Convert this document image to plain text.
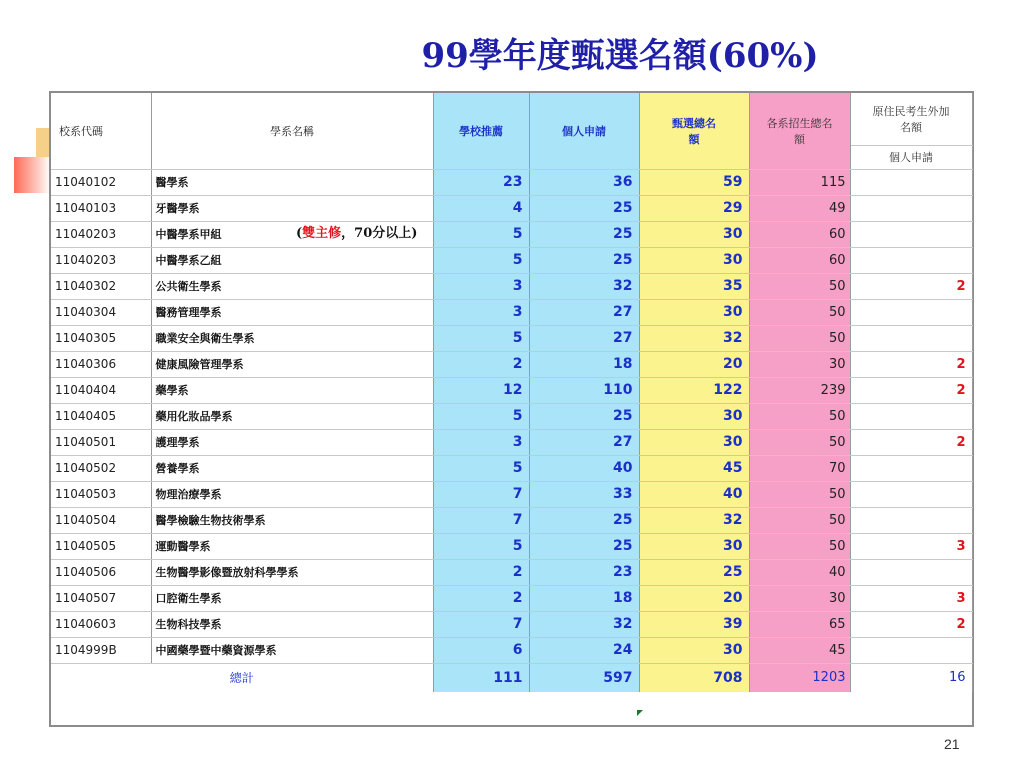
99學年度甄選名額(60%)
校系代碼	學系名稱	學校推薦	個人申請	甄選總名額	各系招生總名額	原住民考生外加名額
						個人申請
11040102	醫學系	23	36	59	115	
11040103	牙醫學系	4	25	29	49	
11040203	中醫學系甲組	5	25	30	60	
11040203	中醫學系乙組	5	25	30	60	
11040302	公共衛生學系	3	32	35	50	2
11040304	醫務管理學系	3	27	30	50	
11040305	職業安全與衛生學系	5	27	32	50	
11040306	健康風險管理學系	2	18	20	30	2
11040404	藥學系	12	110	122	239	2
11040405	藥用化妝品學系	5	25	30	50	
11040501	護理學系	3	27	30	50	2
11040502	營養學系	5	40	45	70	
11040503	物理治療學系	7	33	40	50	
11040504	醫學檢驗生物技術學系	7	25	32	50	
11040505	運動醫學系	5	25	30	50	3
11040506	生物醫學影像暨放射科學學系	2	23	25	40	
11040507	口腔衛生學系	2	18	20	30	3
11040603	生物科技學系	7	32	39	65	2
1104999B	中國藥學暨中藥資源學系	6	24	30	45	
總計		111	597	708	1203	16
(雙主修，70分以上)
21
